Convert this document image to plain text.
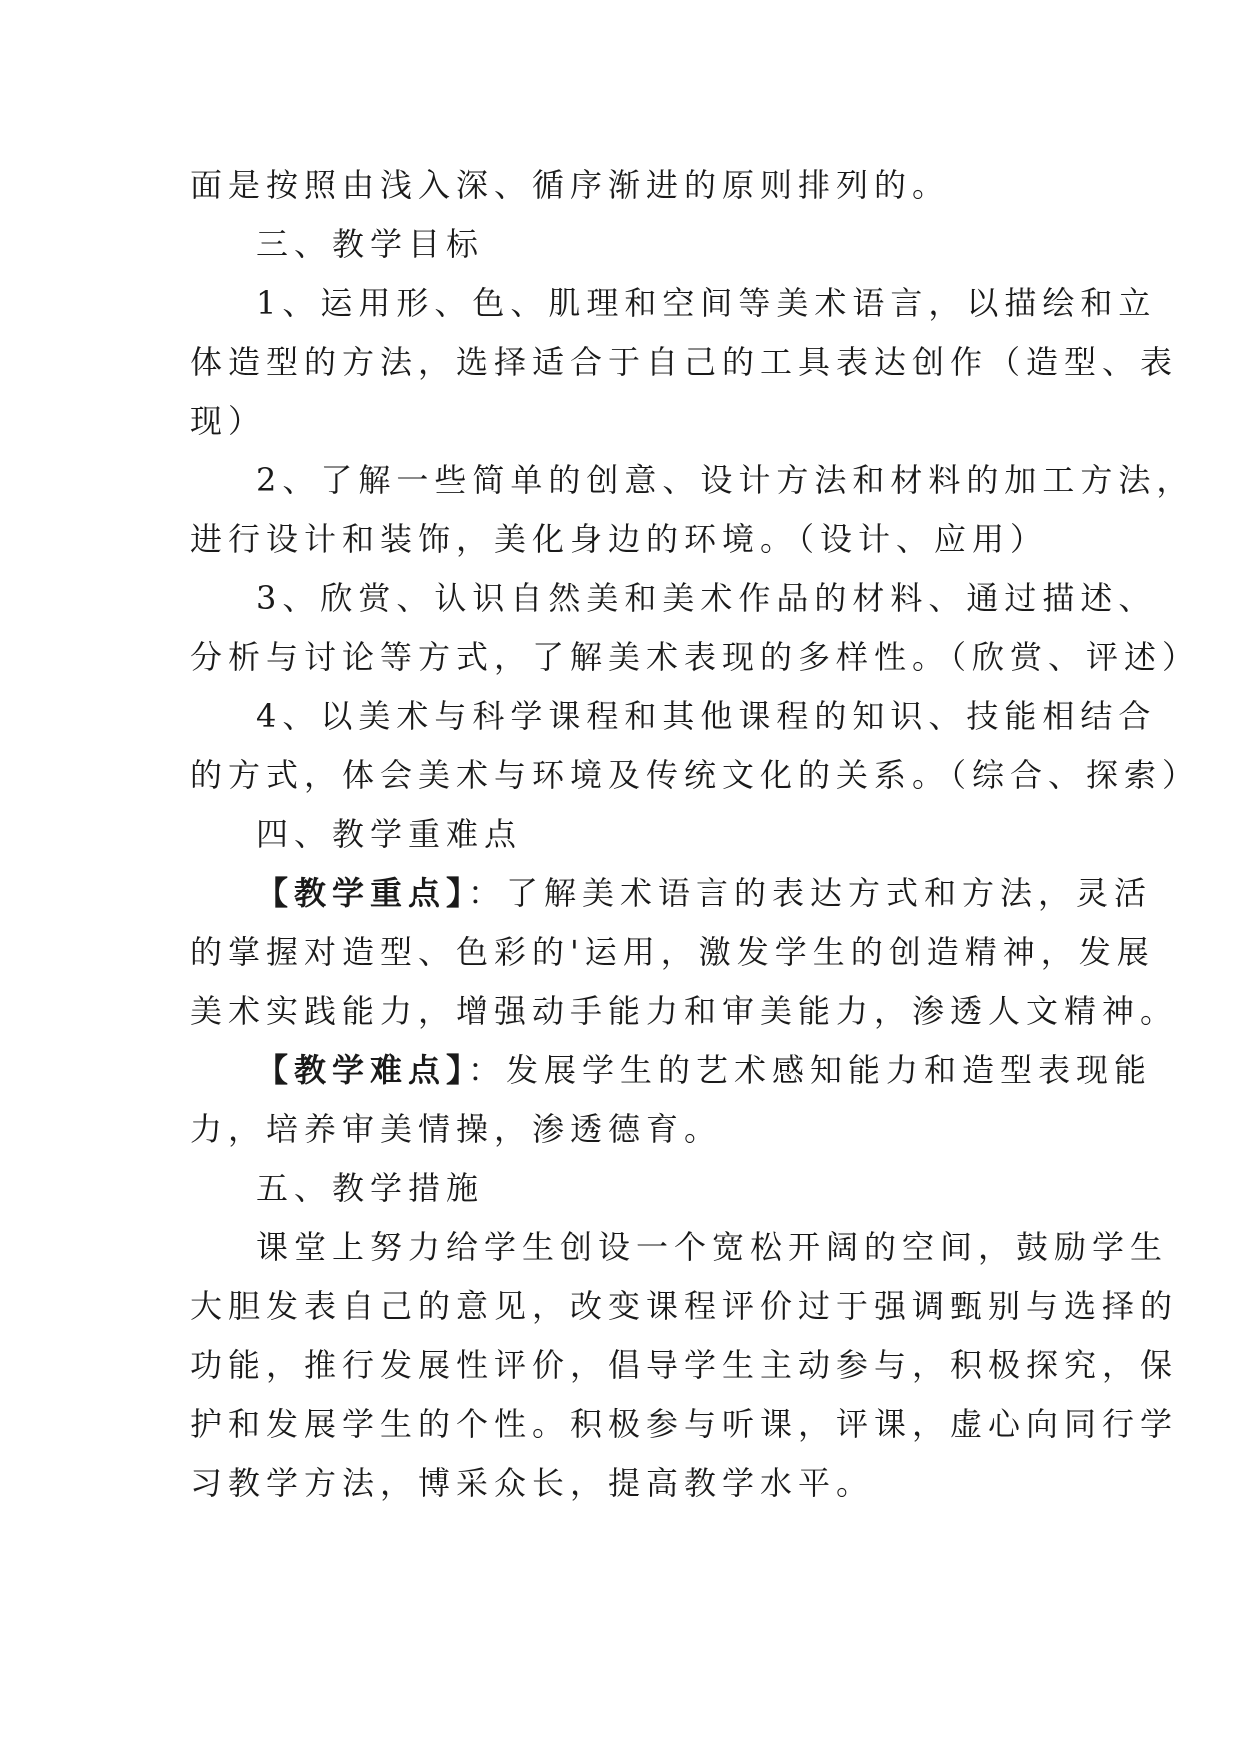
面是按照由浅入深、循序渐进的原则排列的。

三、教学目标

1、运用形、色、肌理和空间等美术语言，以描绘和立

体造型的方法，选择适合于自己的工具表达创作（造型、表

现）

2、了解一些简单的创意、设计方法和材料的加工方法，

进行设计和装饰，美化身边的环境。（设计、应用）

3、欣赏、认识自然美和美术作品的材料、通过描述、

分析与讨论等方式，了解美术表现的多样性。（欣赏、评述）

4、以美术与科学课程和其他课程的知识、技能相结合

的方式，体会美术与环境及传统文化的关系。（综合、探索）

四、教学重难点

【教学重点】：了解美术语言的表达方式和方法，灵活

的掌握对造型、色彩的'运用，激发学生的创造精神，发展

美术实践能力，增强动手能力和审美能力，渗透人文精神。

【教学难点】：发展学生的艺术感知能力和造型表现能

力，培养审美情操，渗透德育。

五、教学措施

课堂上努力给学生创设一个宽松开阔的空间，鼓励学生

大胆发表自己的意见，改变课程评价过于强调甄别与选择的

功能，推行发展性评价，倡导学生主动参与，积极探究，保

护和发展学生的个性。积极参与听课，评课，虚心向同行学

习教学方法，博采众长，提高教学水平。
